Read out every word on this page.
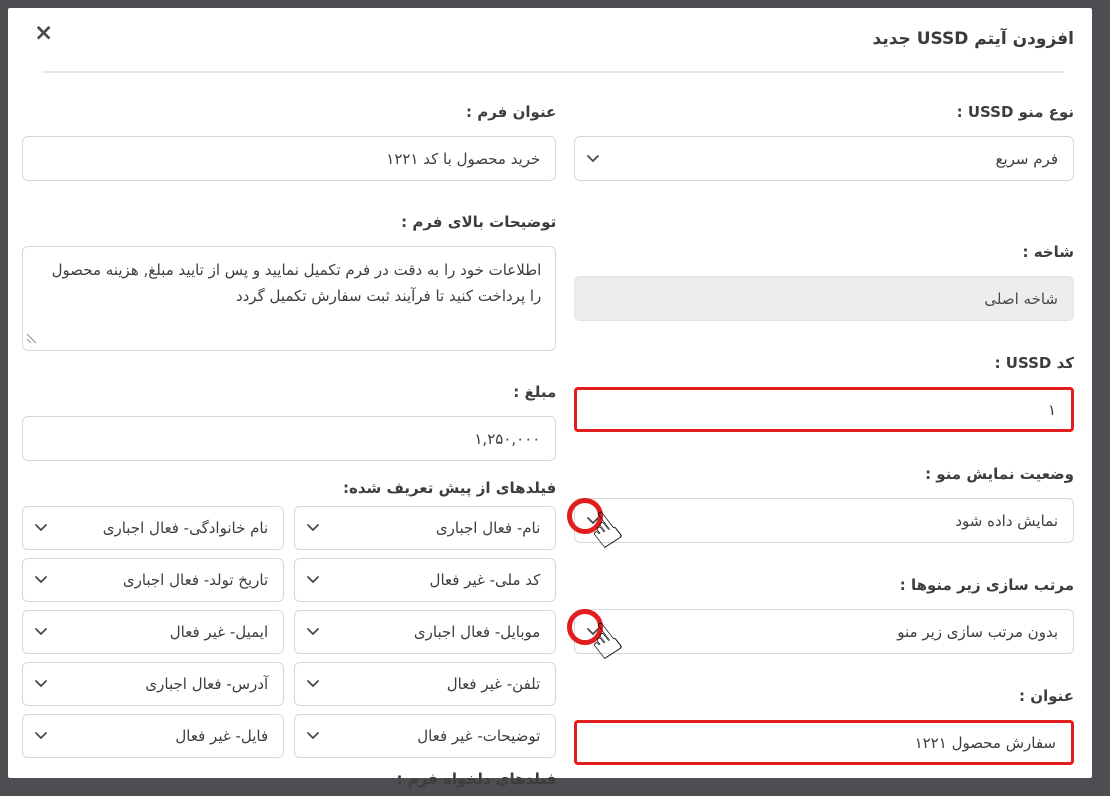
افزودن آیتم USSD جدید
×
نوع منو USSD :
فرم سریع
شاخه :
شاخه اصلی
کد USSD :
۱
وضعیت نمایش منو :
نمایش داده شود
☝
مرتب سازی زیر منوها :
بدون مرتب سازی زیر منو
☝
عنوان :
سفارش محصول ۱۲۲۱
عنوان فرم :
خرید محصول با کد ۱۲۲۱
توضیحات بالای فرم :
اطلاعات خود را به دقت در فرم تکمیل نمایید و پس از تایید مبلغ, هزینه محصول را پرداخت کنید تا فرآیند ثبت سفارش تکمیل گردد
مبلغ :
۱,۲۵۰,۰۰۰
فیلدهای از پیش تعریف شده:
نام- فعال اجباری
نام خانوادگی- فعال اجباری
کد ملی- غیر فعال
تاریخ تولد- فعال اجباری
موبایل- فعال اجباری
ایمیل- غیر فعال
تلفن- غیر فعال
آدرس- فعال اجباری
توضیحات- غیر فعال
فایل- غیر فعال
فیلدهای دلخواه فرم :
